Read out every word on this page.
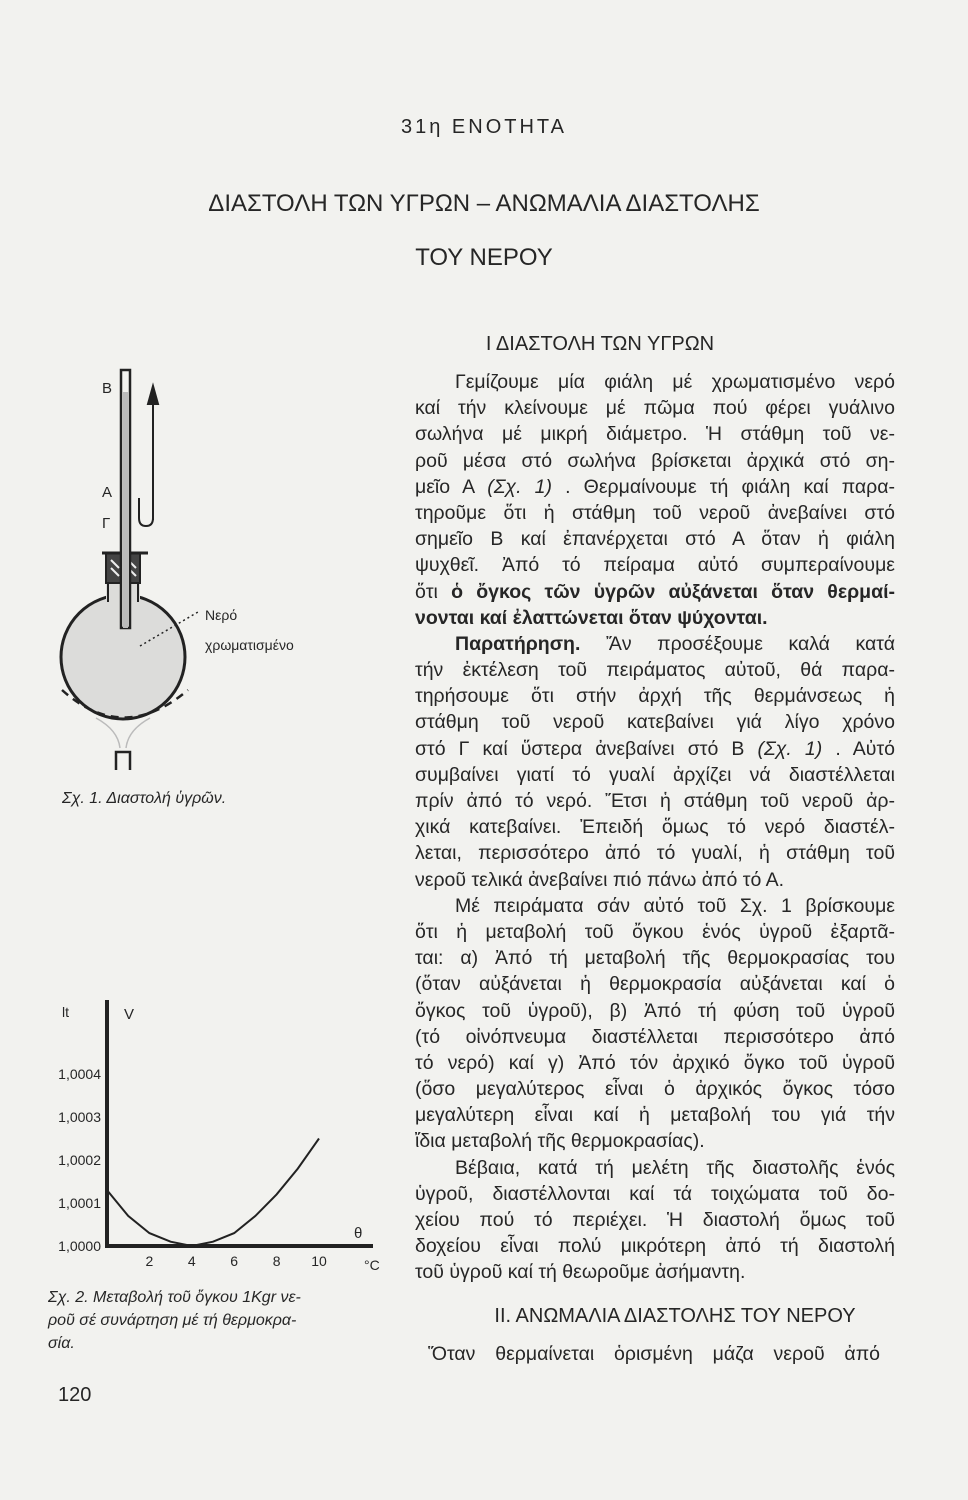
31η ΕΝΟΤΗΤΑ
ΔΙΑΣΤΟΛΗ ΤΩΝ ΥΓΡΩΝ – ΑΝΩΜΑΛΙΑ ΔΙΑΣΤΟΛΗΣ
ΤΟΥ ΝΕΡΟΥ
Ι ΔΙΑΣΤΟΛΗ ΤΩΝ ΥΓΡΩΝ
Γεμίζουμε μία φιάλη μέ χρωματισμένο νερό
καί τήν κλείνουμε μέ πῶμα πού φέρει γυάλινο
σωλήνα μέ μικρή διάμετρο. Ἡ στάθμη τοῦ νε-
ροῦ μέσα στό σωλήνα βρίσκεται ἀρχικά στό ση-
μεῖο Α (Σχ. 1) . Θερμαίνουμε τή φιάλη καί παρα-
τηροῦμε ὅτι ἡ στάθμη τοῦ νεροῦ ἀνεβαίνει στό
σημεῖο Β καί ἐπανέρχεται στό Α ὅταν ἡ φιάλη
ψυχθεῖ. Ἀπό τό πείραμα αὐτό συμπεραίνουμε
ὅτι ὁ ὄγκος τῶν ὑγρῶν αὐξάνεται ὅταν θερμαί-
νονται καί ἐλαττώνεται ὅταν ψύχονται.
Παρατήρηση. Ἄν προσέξουμε καλά κατά
τήν ἐκτέλεση τοῦ πειράματος αὐτοῦ, θά παρα-
τηρήσουμε ὅτι στήν ἀρχή τῆς θερμάνσεως ἡ
στάθμη τοῦ νεροῦ κατεβαίνει γιά λίγο χρόνο
στό Γ καί ὕστερα ἀνεβαίνει στό Β (Σχ. 1) . Αὐτό
συμβαίνει γιατί τό γυαλί ἀρχίζει νά διαστέλλεται
πρίν ἀπό τό νερό. Ἔτσι ἡ στάθμη τοῦ νεροῦ ἀρ-
χικά κατεβαίνει. Ἐπειδή ὅμως τό νερό διαστέλ-
λεται, περισσότερο ἀπό τό γυαλί, ἡ στάθμη τοῦ
νεροῦ τελικά ἀνεβαίνει πιό πάνω ἀπό τό Α.
Μέ πειράματα σάν αὐτό τοῦ Σχ. 1 βρίσκουμε
ὅτι ἡ μεταβολή τοῦ ὄγκου ἑνός ὑγροῦ ἐξαρτᾶ-
ται: α) Ἀπό τή μεταβολή τῆς θερμοκρασίας του
(ὅταν αὐξάνεται ἡ θερμοκρασία αὐξάνεται καί ὁ
ὄγκος τοῦ ὑγροῦ), β) Ἀπό τή φύση τοῦ ὑγροῦ
(τό οἰνόπνευμα διαστέλλεται περισσότερο ἀπό
τό νερό) καί γ) Ἀπό τόν ἀρχικό ὄγκο τοῦ ὑγροῦ
(ὅσο μεγαλύτερος εἶναι ὁ ἀρχικός ὄγκος τόσο
μεγαλύτερη εἶναι καί ἡ μεταβολή του γιά τήν
ἴδια μεταβολή τῆς θερμοκρασίας).
Βέβαια, κατά τή μελέτη τῆς διαστολῆς ἑνός
ὑγροῦ, διαστέλλονται καί τά τοιχώματα τοῦ δο-
χείου πού τό περιέχει. Ἡ διαστολή ὅμως τοῦ
δοχείου εἶναι πολύ μικρότερη ἀπό τή διαστολή
τοῦ ὑγροῦ καί τή θεωροῦμε ἀσήμαντη.
ΙΙ. ΑΝΩΜΑΛΙΑ ΔΙΑΣΤΟΛΗΣ ΤΟΥ ΝΕΡΟΥ
Ὅταν θερμαίνεται ὁρισμένη μάζα νεροῦ ἀπό
120
Β
Α
Γ
Νερό
χρωματισμένο
Σχ. 1. Διαστολή ὑγρῶν.
1,0000
1,0001
1,0002
1,0003
1,0004
2 4 6 8 10
lt	V
θ
°C
Σχ. 2. Μεταβολή τοῦ ὄγκου 1Kgr νε-
ροῦ σέ συνάρτηση μέ τή θερμοκρα-
σία.
